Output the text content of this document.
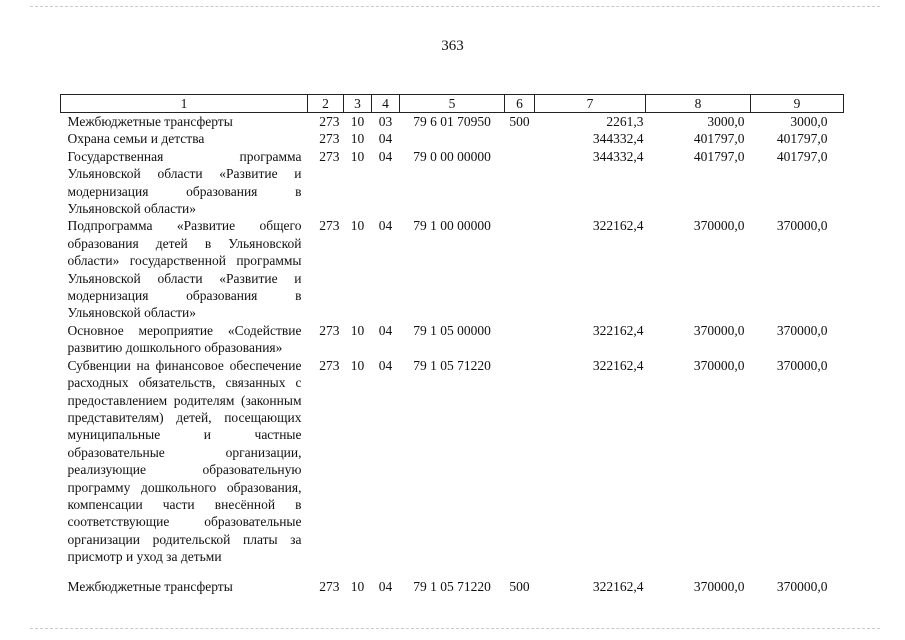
363
1	2	3	4	5	6	7	8	9
Межбюджетные трансферты	273	10	03	79 6 01 70950	500	2261,3	3000,0	3000,0
Охрана семьи и детства	273	10	04			344332,4	401797,0	401797,0
Государственная программа Ульяновской области «Развитие и модернизация образования в Ульяновской области»	273	10	04	79 0 00 00000		344332,4	401797,0	401797,0
Подпрограмма «Развитие общего образования детей в Ульяновской области» государственной программы Ульяновской области «Развитие и модернизация образования в Ульяновской области»	273	10	04	79 1 00 00000		322162,4	370000,0	370000,0
Основное мероприятие «Содействие развитию дошкольного образования»	273	10	04	79 1 05 00000		322162,4	370000,0	370000,0
Субвенции на финансовое обеспечение расходных обязательств, связанных с предоставлением родителям (законным представителям) детей, посещающих муниципальные и частные образовательные организации, реализующие образовательную программу дошкольного образования, компенсации части внесённой в соответствующие образовательные организации родительской платы за присмотр и уход за детьми	273	10	04	79 1 05 71220		322162,4	370000,0	370000,0
Межбюджетные трансферты	273	10	04	79 1 05 71220	500	322162,4	370000,0	370000,0
